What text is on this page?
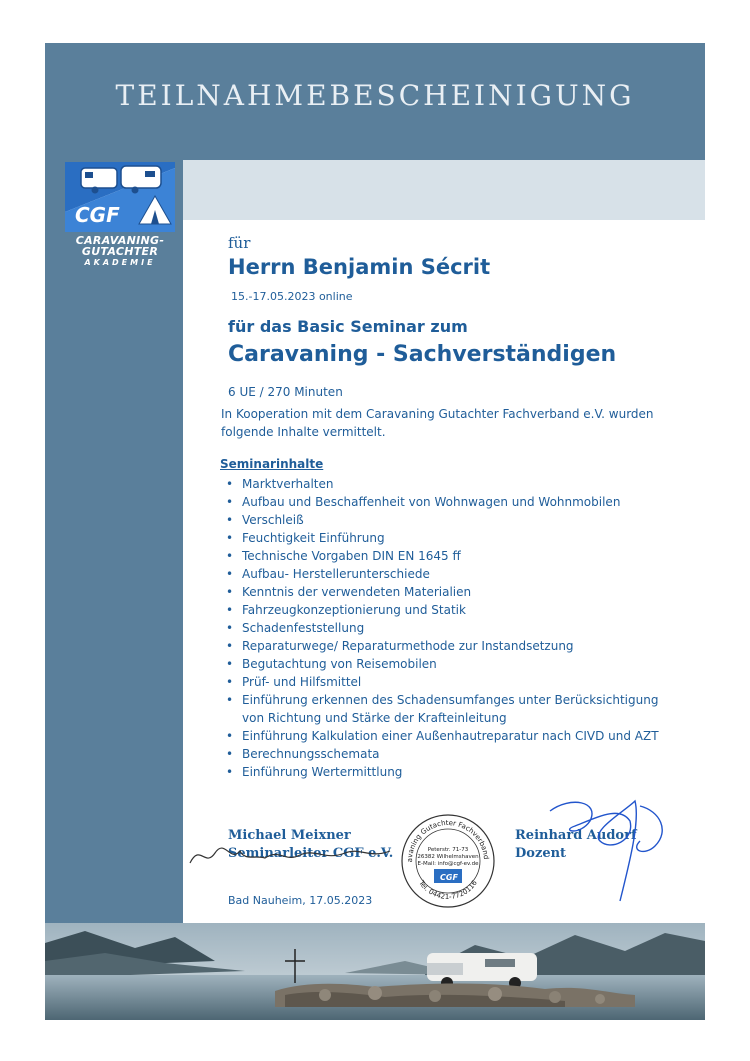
TEILNAHMEBESCHEINIGUNG
CGF
CARAVANING-
GUTACHTER
AKADEMIE
für
Herrn Benjamin Sécrit
15.-17.05.2023 online
für das Basic Seminar zum
Caravaning - Sachverständigen
6 UE / 270 Minuten
In Kooperation mit dem Caravaning Gutachter Fachverband e.V. wurden folgende Inhalte vermittelt.
Seminarinhalte
• Marktverhalten
• Aufbau und Beschaffenheit von Wohnwagen und Wohnmobilen
• Verschleiß
• Feuchtigkeit Einführung
• Technische Vorgaben DIN EN 1645 ff
• Aufbau- Herstellerunterschiede
• Kenntnis der verwendeten Materialien
• Fahrzeugkonzeptionierung und Statik
• Schadenfeststellung
• Reparaturwege/ Reparaturmethode zur Instandsetzung
• Begutachtung von Reisemobilen
• Prüf- und Hilfsmittel
• Einführung erkennen des Schadensumfanges unter Berücksichtigung von Richtung und Stärke der Krafteinleitung
• Einführung Kalkulation einer Außenhautreparatur nach CIVD und AZT
• Berechnungsschemata
• Einführung Wertermittlung
Michael Meixner
Seminarleiter CGF e.V.
Reinhard Audorf
Dozent
Bad Nauheim, 17.05.2023
avaning Gutachter Fachverband
Tel. 04421-7720116
Peterstr. 71-73
26382 Wilhelmshaven
E-Mail: info@cgf-ev.de
CGF
